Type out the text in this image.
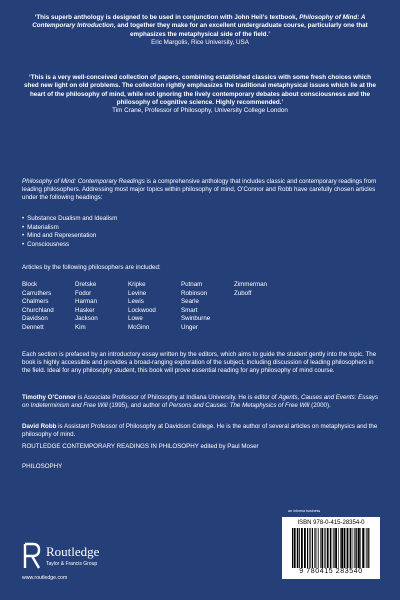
‘This superb anthology is designed to be used in conjunction with John Heil’s textbook, Philosophy of Mind: A Contemporary Introduction, and together they make for an excellent undergraduate course, particularly one that emphasizes the metaphysical side of the field.’
Eric Margolis, Rice University, USA
‘This is a very well-conceived collection of papers, combining established classics with some fresh choices which shed new light on old problems. The collection rightly emphasizes the traditional metaphysical issues which lie at the heart of the philosophy of mind, while not ignoring the lively contemporary debates about consciousness and the philosophy of cognitive science. Highly recommended.’
Tim Crane, Professor of Philosophy, University College London
Philosophy of Mind: Contemporary Readings is a comprehensive anthology that includes classic and contemporary readings from leading philosophers. Addressing most major topics within philosophy of mind, O’Connor and Robb have carefully chosen articles under the following headings:
• Substance Dualism and Idealism
• Materialism
• Mind and Representation
• Consciousness
Articles by the following philosophers are included:
Block
Carruthers
Chalmers
Churchland
Davidson
Dennett
Dretske
Fodor
Harman
Hasker
Jackson
Kim
Kripke
Levine
Lewis
Lockwood
Lowe
McGinn
Putnam
Robinson
Searle
Smart
Swinburne
Unger
Zimmerman
Zuboff
Each section is prefaced by an introductory essay written by the editors, which aims to guide the student gently into the topic. The book is highly accessible and provides a broad-ranging exploration of the subject, including discussion of leading philosophers in the field. Ideal for any philosophy student, this book will prove essential reading for any philosophy of mind course.
Timothy O’Connor is Associate Professor of Philosophy at Indiana University. He is editor of Agents, Causes and Events: Essays on Indeterminism and Free Will (1995), and author of Persons and Causes: The Metaphysics of Free Will (2000).
David Robb is Assistant Professor of Philosophy at Davidson College. He is the author of several articles on metaphysics and the philosophy of mind.
ROUTLEDGE CONTEMPORARY READINGS IN PHILOSOPHY edited by Paul Moser
PHILOSOPHY
an informa business
ISBN 978-0-415-28354-0
9 780415 283540
Routledge
Taylor & Francis Group
www.routledge.com
